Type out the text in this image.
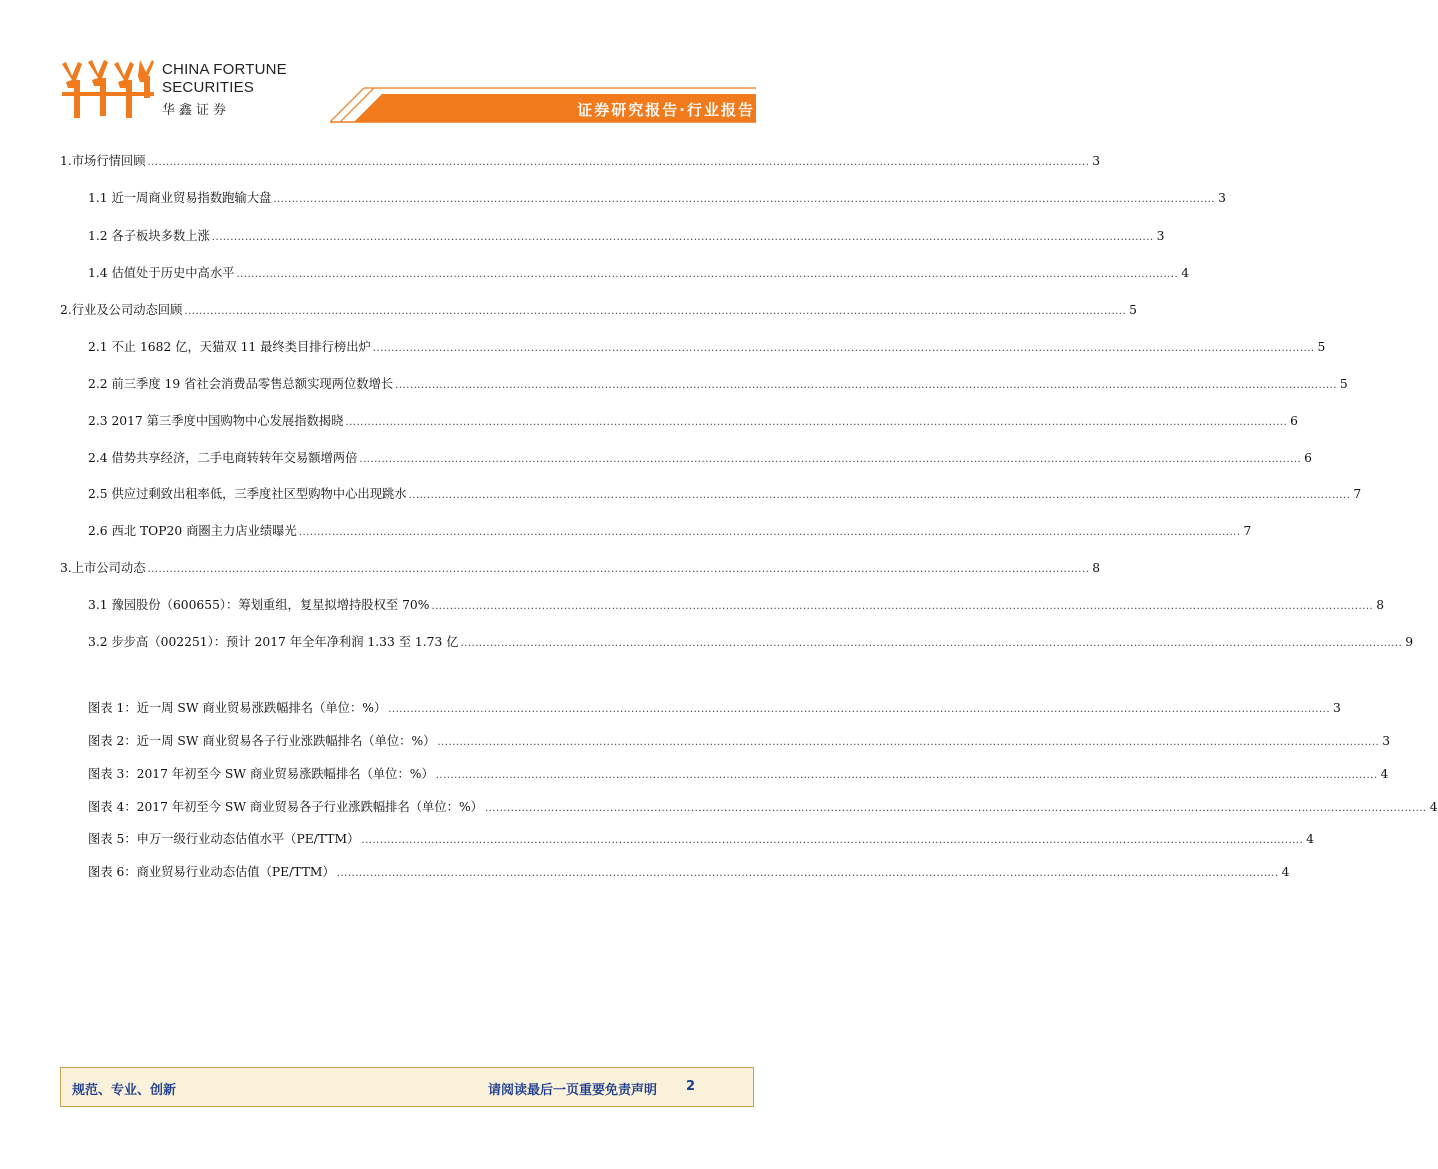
CHINA FORTUNE
SECURITIES
华鑫证券	证券研究报告·行业报告
1.市场行情回顾 ................................................................................................................................................................................................................................................................ 3
1.1 近一周商业贸易指数跑输大盘 ................................................................................................................................................................................................................................................................ 3
1.2 各子板块多数上涨 ................................................................................................................................................................................................................................................................ 3
1.4 估值处于历史中高水平 ................................................................................................................................................................................................................................................................ 4
2.行业及公司动态回顾 ................................................................................................................................................................................................................................................................ 5
2.1 不止 1682 亿，天猫双 11 最终类目排行榜出炉 ................................................................................................................................................................................................................................................................ 5
2.2 前三季度 19 省社会消费品零售总额实现两位数增长 ................................................................................................................................................................................................................................................................ 5
2.3 2017 第三季度中国购物中心发展指数揭晓 ................................................................................................................................................................................................................................................................ 6
2.4 借势共享经济，二手电商转转年交易额增两倍 ................................................................................................................................................................................................................................................................ 6
2.5 供应过剩致出租率低，三季度社区型购物中心出现跳水 ................................................................................................................................................................................................................................................................ 7
2.6 西北 TOP20 商圈主力店业绩曝光 ................................................................................................................................................................................................................................................................ 7
3.上市公司动态 ................................................................................................................................................................................................................................................................ 8
3.1 豫园股份（600655）：筹划重组，复星拟增持股权至 70% ................................................................................................................................................................................................................................................................ 8
3.2 步步高（002251）：预计 2017 年全年净利润 1.33 至 1.73 亿 ................................................................................................................................................................................................................................................................ 9
图表 1：近一周 SW 商业贸易涨跌幅排名（单位：%） ................................................................................................................................................................................................................................................................ 3
图表 2：近一周 SW 商业贸易各子行业涨跌幅排名（单位：%） ................................................................................................................................................................................................................................................................ 3
图表 3：2017 年初至今 SW 商业贸易涨跌幅排名（单位：%） ................................................................................................................................................................................................................................................................ 4
图表 4：2017 年初至今 SW 商业贸易各子行业涨跌幅排名（单位：%） ................................................................................................................................................................................................................................................................ 4
图表 5：申万一级行业动态估值水平（PE/TTM） ................................................................................................................................................................................................................................................................ 4
图表 6：商业贸易行业动态估值（PE/TTM） ................................................................................................................................................................................................................................................................ 4
规范、专业、创新	请阅读最后一页重要免责声明 2
